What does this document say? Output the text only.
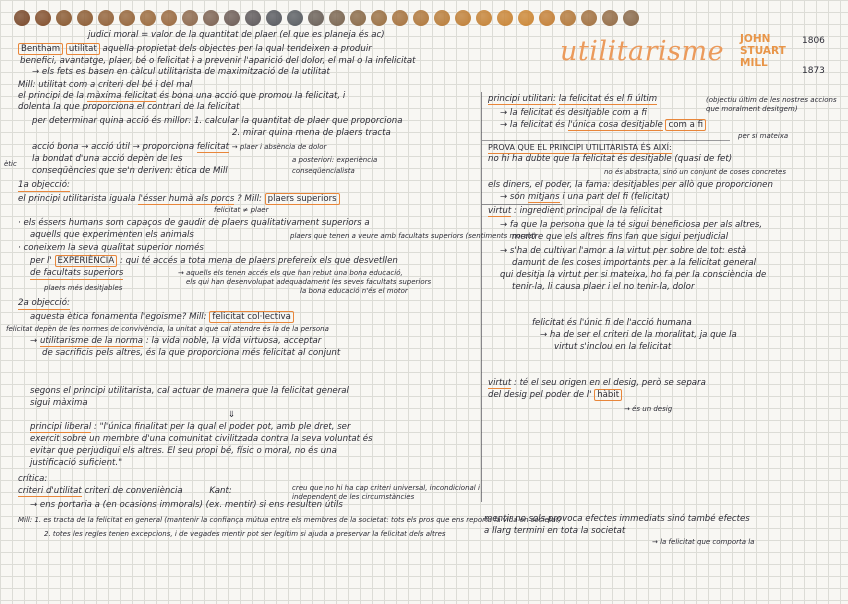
utilitarisme JOHN
STUART
MILL
1806
1873
judici moral = valor de la quantitat de plaer (el que es planeja és ac)
Bentham utilitat aquella propietat dels objectes per la qual tendeixen a produir
benefici, avantatge, plaer, bé o felicitat i a prevenir l'aparició del dolor, el mal o la infelicitat
→ els fets es basen en càlcul utilitarista de maximització de la utilitat
Mill: utilitat com a criteri del bé i del mal
el principi de la màxima felicitat és bona una acció que promou la felicitat, i
dolenta la que proporciona el contrari de la felicitat
per determinar quina acció és millor: 1. calcular la quantitat de plaer que proporciona
2. mirar quina mena de plaers tracta
acció bona → acció útil → proporciona felicitat → plaer i absència de dolor
la bondat d'una acció depèn de les	a posteriori: experiència
conseqüències que se'n deriven: ètica de Mill	conseqüencialista
ètic
1a objecció:
el principi utilitarista iguala l'ésser humà als porcs ? Mill: plaers superiors
felicitat ≠ plaer
· els éssers humans som capaços de gaudir de plaers qualitativament superiors a
aquells que experimenten els animals	plaers que tenen a veure amb facultats superiors (sentiments morals)
· coneixem la seva qualitat superior només
per l' EXPERIÈNCIA : qui té accés a tota mena de plaers prefereix els que desvetllen
de facultats superiors	→ aquells els tenen accés els que han rebut una bona educació,
els qui han desenvolupat adequadament les seves facultats superiors
plaers més desitjables	la bona educació n'és el motor
2a objecció:
aquesta ètica fonamenta l'egoisme? Mill: felicitat col·lectiva
felicitat depèn de les normes de convivència, la unitat a que cal atendre és la de la persona
→ utilitarisme de la norma : la vida noble, la vida virtuosa, acceptar
de sacrificis pels altres, és la que proporciona més felicitat al conjunt
segons el principi utilitarista, cal actuar de manera que la felicitat general
sigui màxima
⇓
principi liberal : "l'única finalitat per la qual el poder pot, amb ple dret, ser
exercit sobre un membre d'una comunitat civilitzada contra la seva voluntat és
evitar que perjudiqui els altres. El seu propi bé, físic o moral, no és una
justificació suficient."
crítica:
criteri d'utilitat criteri de conveniència	Kant:	creu que no hi ha cap criteri universal, incondicional i independent de les circumstàncies
→ ens portaria a (en ocasions immorals) (ex. mentir) si ens resulten útils
Mill: 1. es tracta de la felicitat en general (mantenir la confiança mútua entre els membres de la societat: tots els pros que ens reporta la vida en societat)
2. totes les regles tenen excepcions, i de vegades mentir pot ser legítim si ajuda a preservar la felicitat dels altres
principi utilitari: la felicitat és el fi últim	(objectiu últim de les nostres accions que moralment desitgem)
→ la felicitat és desitjable com a fi
→ la felicitat és l'única cosa desitjable com a fi
per si mateixa
PROVA QUE EL PRINCIPI UTILITARISTA ÉS AIXÍ:
no hi ha dubte que la felicitat és desitjable (quasi de fet)
no és abstracta, sinó un conjunt de coses concretes
els diners, el poder, la fama: desitjables per allò que proporcionen
→ són mitjans i una part del fi (felicitat)
virtut : ingredient principal de la felicitat
→ fa que la persona que la té sigui beneficiosa per als altres,
mentre que els altres fins fan que sigui perjudicial
→ s'ha de cultivar l'amor a la virtut per sobre de tot: està
damunt de les coses importants per a la felicitat general
qui desitja la virtut per si mateixa, ho fa per la consciència de
tenir-la, li causa plaer i el no tenir-la, dolor
felicitat és l'únic fi de l'acció humana
→ ha de ser el criteri de la moralitat, ja que la
virtut s'inclou en la felicitat
virtut : té el seu origen en el desig, però se separa
del desig pel poder de l' hàbit
→ és un desig
mentir no sols provoca efectes immediats sinó també efectes
a llarg termini en tota la societat
→ la felicitat que comporta la
